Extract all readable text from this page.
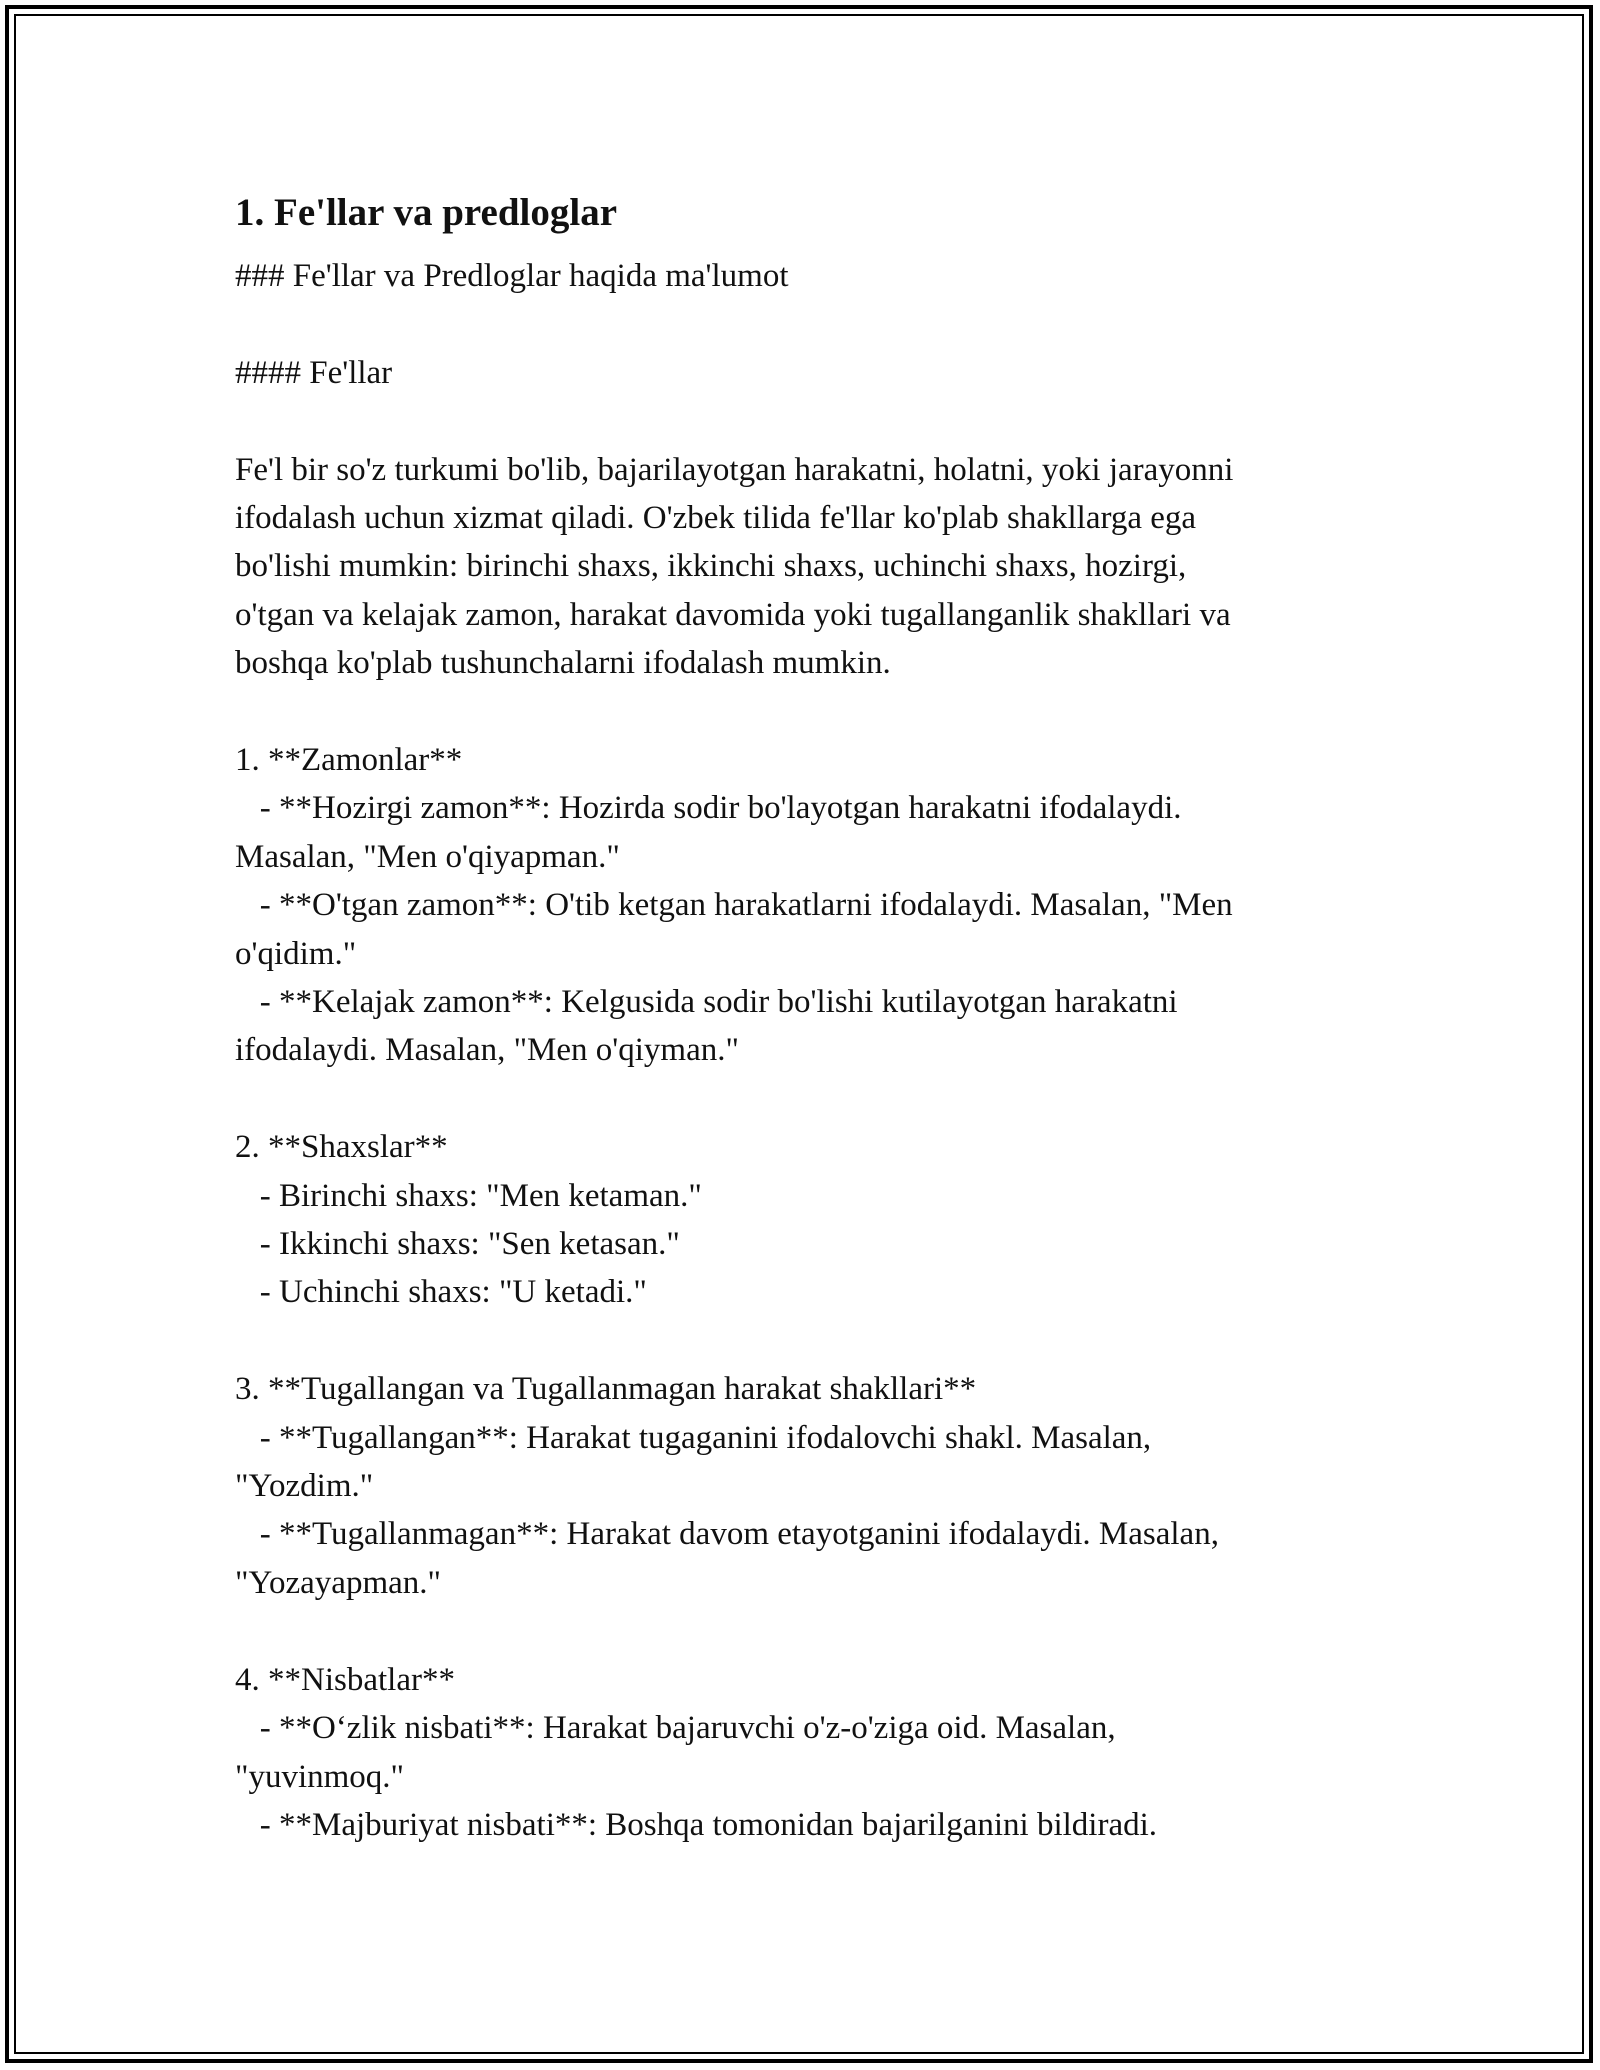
1. Fe'llar va predloglar

### Fe'llar va Predloglar haqida ma'lumot

#### Fe'llar

Fe'l bir so'z turkumi bo'lib, bajarilayotgan harakatni, holatni, yoki jarayonni

ifodalash uchun xizmat qiladi. O'zbek tilida fe'llar ko'plab shakllarga ega

bo'lishi mumkin: birinchi shaxs, ikkinchi shaxs, uchinchi shaxs, hozirgi,

o'tgan va kelajak zamon, harakat davomida yoki tugallanganlik shakllari va

boshqa ko'plab tushunchalarni ifodalash mumkin.

1. **Zamonlar**

- **Hozirgi zamon**: Hozirda sodir bo'layotgan harakatni ifodalaydi.

Masalan, "Men o'qiyapman."

- **O'tgan zamon**: O'tib ketgan harakatlarni ifodalaydi. Masalan, "Men

o'qidim."

- **Kelajak zamon**: Kelgusida sodir bo'lishi kutilayotgan harakatni

ifodalaydi. Masalan, "Men o'qiyman."

2. **Shaxslar**

- Birinchi shaxs: "Men ketaman."

- Ikkinchi shaxs: "Sen ketasan."

- Uchinchi shaxs: "U ketadi."

3. **Tugallangan va Tugallanmagan harakat shakllari**

- **Tugallangan**: Harakat tugaganini ifodalovchi shakl. Masalan,

"Yozdim."

- **Tugallanmagan**: Harakat davom etayotganini ifodalaydi. Masalan,

"Yozayapman."

4. **Nisbatlar**

- **O‘zlik nisbati**: Harakat bajaruvchi o'z-o'ziga oid. Masalan,

"yuvinmoq."

- **Majburiyat nisbati**: Boshqa tomonidan bajarilganini bildiradi.
